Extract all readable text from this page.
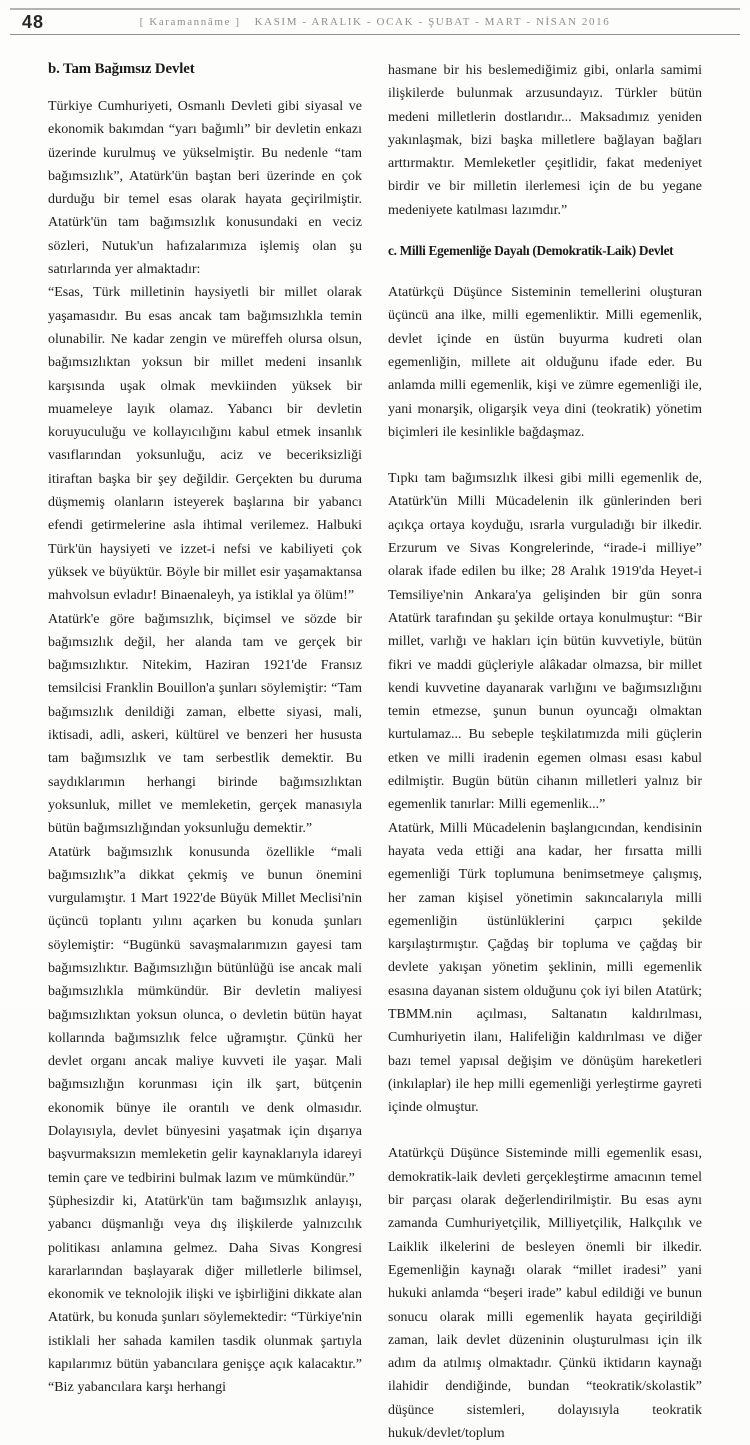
48	[ Karamannâme ] KASIM - ARALIK - OCAK - ŞUBAT - MART - NİSAN 2016
b. Tam Bağımsız Devlet

Türkiye Cumhuriyeti, Osmanlı Devleti gibi siyasal ve ekonomik bakımdan “yarı bağımlı” bir devletin enkazı üzerinde kurulmuş ve yükselmiştir. Bu nedenle “tam bağımsızlık”, Atatürk'ün baştan beri üzerinde en çok durduğu bir temel esas olarak hayata geçirilmiştir. Atatürk'ün tam bağımsızlık konusundaki en veciz sözleri, Nutuk'un hafızalarımıza işlemiş olan şu satırlarında yer almaktadır:

“Esas, Türk milletinin haysiyetli bir millet olarak yaşamasıdır. Bu esas ancak tam bağımsızlıkla temin olunabilir. Ne kadar zengin ve müreffeh olursa olsun, bağımsızlıktan yoksun bir millet medeni insanlık karşısında uşak olmak mevkiinden yüksek bir muameleye layık olamaz. Yabancı bir devletin koruyuculuğu ve kollayıcılığını kabul etmek insanlık vasıflarından yoksunluğu, aciz ve beceriksizliği itiraftan başka bir şey değildir. Gerçekten bu duruma düşmemiş olanların isteyerek başlarına bir yabancı efendi getirmelerine asla ihtimal verilemez. Halbuki Türk'ün haysiyeti ve izzet-i nefsi ve kabiliyeti çok yüksek ve büyüktür. Böyle bir millet esir yaşamaktansa mahvolsun evladır! Binaenaleyh, ya istiklal ya ölüm!”

Atatürk'e göre bağımsızlık, biçimsel ve sözde bir bağımsızlık değil, her alanda tam ve gerçek bir bağımsızlıktır. Nitekim, Haziran 1921'de Fransız temsilcisi Franklin Bouillon'a şunları söylemiştir: “Tam bağımsızlık denildiği zaman, elbette siyasi, mali, iktisadi, adli, askeri, kültürel ve benzeri her hususta tam bağımsızlık ve tam serbestlik demektir. Bu saydıklarımın herhangi birinde bağımsızlıktan yoksunluk, millet ve memleketin, gerçek manasıyla bütün bağımsızlığından yoksunluğu demektir.”

Atatürk bağımsızlık konusunda özellikle “mali bağımsızlık”a dikkat çekmiş ve bunun önemini vurgulamıştır. 1 Mart 1922'de Büyük Millet Meclisi'nin üçüncü toplantı yılını açarken bu konuda şunları söylemiştir: “Bugünkü savaşmalarımızın gayesi tam bağımsızlıktır. Bağımsızlığın bütünlüğü ise ancak mali bağımsızlıkla mümkündür. Bir devletin maliyesi bağımsızlıktan yoksun olunca, o devletin bütün hayat kollarında bağımsızlık felce uğramıştır. Çünkü her devlet organı ancak maliye kuvveti ile yaşar. Mali bağımsızlığın korunması için ilk şart, bütçenin ekonomik bünye ile orantılı ve denk olmasıdır. Dolayısıyla, devlet bünyesini yaşatmak için dışarıya başvurmaksızın memleketin gelir kaynaklarıyla idareyi temin çare ve tedbirini bulmak lazım ve mümkündür.”

Şüphesizdir ki, Atatürk'ün tam bağımsızlık anlayışı, yabancı düşmanlığı veya dış ilişkilerde yalnızcılık politikası anlamına gelmez. Daha Sivas Kongresi kararlarından başlayarak diğer milletlerle bilimsel, ekonomik ve teknolojik ilişki ve işbirliğini dikkate alan Atatürk, bu konuda şunları söylemektedir: “Türkiye'nin istiklali her sahada kamilen tasdik olunmak şartıyla kapılarımız bütün yabancılara genişçe açık kalacaktır.” “Biz yabancılara karşı herhangi

hasmane bir his beslemediğimiz gibi, onlarla samimi ilişkilerde bulunmak arzusundayız. Türkler bütün medeni milletlerin dostlarıdır... Maksadımız yeniden yakınlaşmak, bizi başka milletlere bağlayan bağları arttırmaktır. Memleketler çeşitlidir, fakat medeniyet birdir ve bir milletin ilerlemesi için de bu yegane medeniyete katılması lazımdır.”

c. Milli Egemenliğe Dayalı (Demokratik-Laik) Devlet

Atatürkçü Düşünce Sisteminin temellerini oluşturan üçüncü ana ilke, milli egemenliktir. Milli egemenlik, devlet içinde en üstün buyurma kudreti olan egemenliğin, millete ait olduğunu ifade eder. Bu anlamda milli egemenlik, kişi ve zümre egemenliği ile, yani monarşik, oligarşik veya dini (teokratik) yönetim biçimleri ile kesinlikle bağdaşmaz.

Tıpkı tam bağımsızlık ilkesi gibi milli egemenlik de, Atatürk'ün Milli Mücadelenin ilk günlerinden beri açıkça ortaya koyduğu, ısrarla vurguladığı bir ilkedir. Erzurum ve Sivas Kongrelerinde, “irade-i milliye” olarak ifade edilen bu ilke; 28 Aralık 1919'da Heyet-i Temsiliye'nin Ankara'ya gelişinden bir gün sonra Atatürk tarafından şu şekilde ortaya konulmuştur: “Bir millet, varlığı ve hakları için bütün kuvvetiyle, bütün fikri ve maddi güçleriyle alâkadar olmazsa, bir millet kendi kuvvetine dayanarak varlığını ve bağımsızlığını temin etmezse, şunun bunun oyuncağı olmaktan kurtulamaz... Bu sebeple teşkilatımızda mili güçlerin etken ve milli iradenin egemen olması esası kabul edilmiştir. Bugün bütün cihanın milletleri yalnız bir egemenlik tanırlar: Milli egemenlik...”

Atatürk, Milli Mücadelenin başlangıcından, kendisinin hayata veda ettiği ana kadar, her fırsatta milli egemenliği Türk toplumuna benimsetmeye çalışmış, her zaman kişisel yönetimin sakıncalarıyla milli egemenliğin üstünlüklerini çarpıcı şekilde karşılaştırmıştır. Çağdaş bir topluma ve çağdaş bir devlete yakışan yönetim şeklinin, milli egemenlik esasına dayanan sistem olduğunu çok iyi bilen Atatürk; TBMM.nin açılması, Saltanatın kaldırılması, Cumhuriyetin ilanı, Halifeliğin kaldırılması ve diğer bazı temel yapısal değişim ve dönüşüm hareketleri (inkılaplar) ile hep milli egemenliği yerleştirme gayreti içinde olmuştur.

Atatürkçü Düşünce Sisteminde milli egemenlik esası, demokratik-laik devleti gerçekleştirme amacının temel bir parçası olarak değerlendirilmiştir. Bu esas aynı zamanda Cumhuriyetçilik, Milliyetçilik, Halkçılık ve Laiklik ilkelerini de besleyen önemli bir ilkedir. Egemenliğin kaynağı olarak “millet iradesi” yani hukuki anlamda “beşeri irade” kabul edildiği ve bunun sonucu olarak milli egemenlik hayata geçirildiği zaman, laik devlet düzeninin oluşturulması için ilk adım da atılmış olmaktadır. Çünkü iktidarın kaynağı ilahidir dendiğinde, bundan “teokratik/skolastik” düşünce sistemleri, dolayısıyla teokratik hukuk/devlet/toplum
